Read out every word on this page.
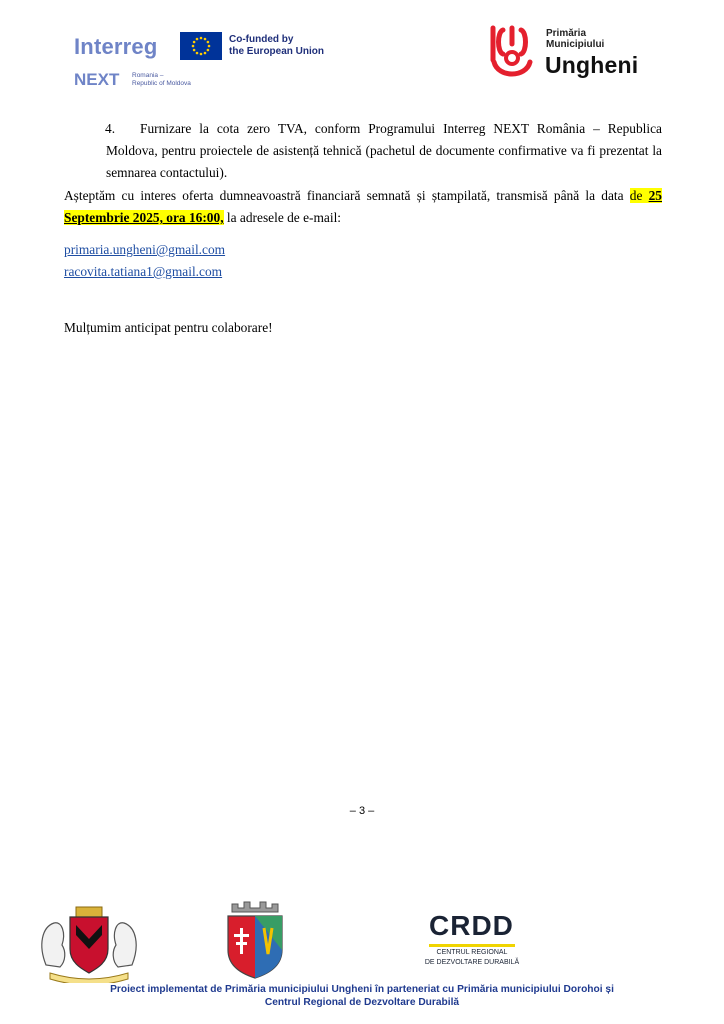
Interreg	Co-funded by
the European Union
NEXT Romania –
Republic of Moldova
Primăria
Municipiului
Ungheni
4.	Furnizare la cota zero TVA, conform Programului Interreg NEXT România – Republica Moldova, pentru proiectele de asistență tehnică (pachetul de documente confirmative va fi prezentat la semnarea contactului).
Așteptăm cu interes oferta dumneavoastră financiară semnată și ștampilată, transmisă până la data de 25 Septembrie 2025, ora 16:00, la adresele de e-mail:
primaria.ungheni@gmail.com
racovita.tatiana1@gmail.com
Mulțumim anticipat pentru colaborare!
– 3 –
CRDD
CENTRUL REGIONAL
DE DEZVOLTARE DURABILĂ
Proiect implementat de Primăria municipiului Ungheni în parteneriat cu Primăria municipiului Dorohoi și
Centrul Regional de Dezvoltare Durabilă
